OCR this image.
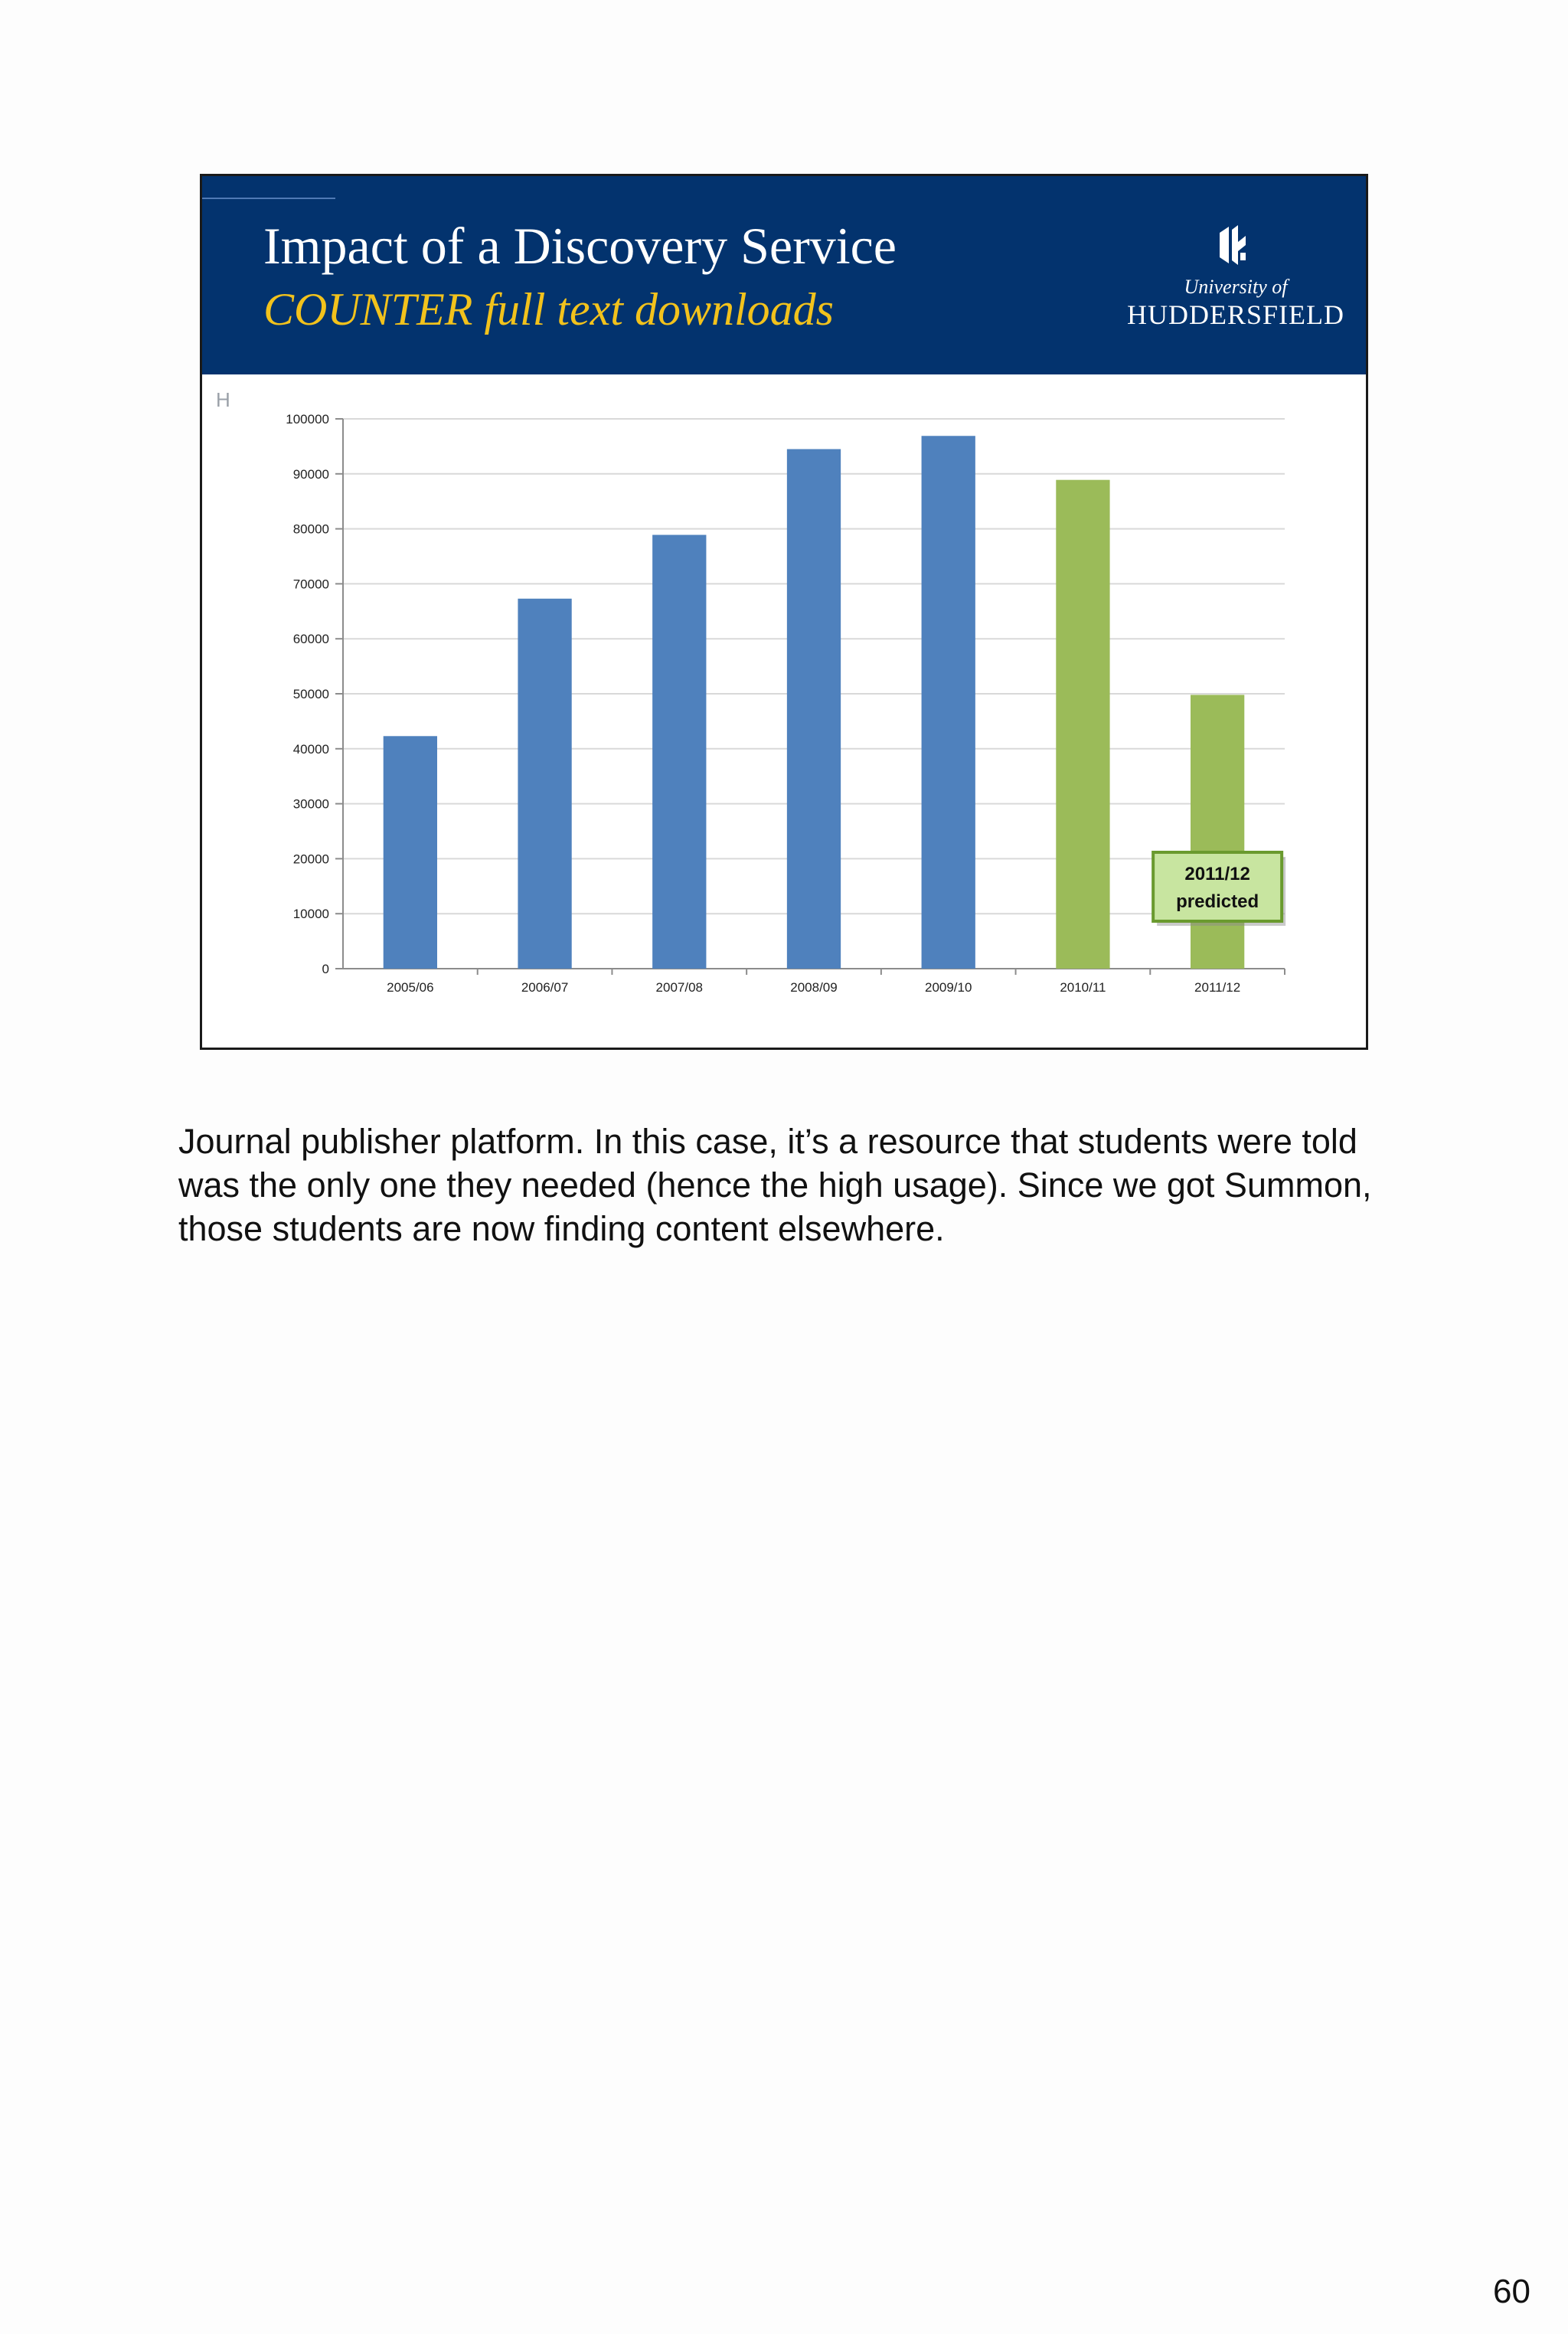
Impact of a Discovery Service
COUNTER full text downloads	University of
HUDDERSFIELD
H
0
10000
20000
30000
40000
50000
60000
70000
80000
90000
100000
2005/06	2006/07	2007/08	2008/09	2009/10	2010/11	2011/12
2011/12
predicted
Journal publisher platform. In this case, it’s a resource that students were told was the only one they needed (hence the high usage). Since we got Summon, those students are now finding content elsewhere.
60
